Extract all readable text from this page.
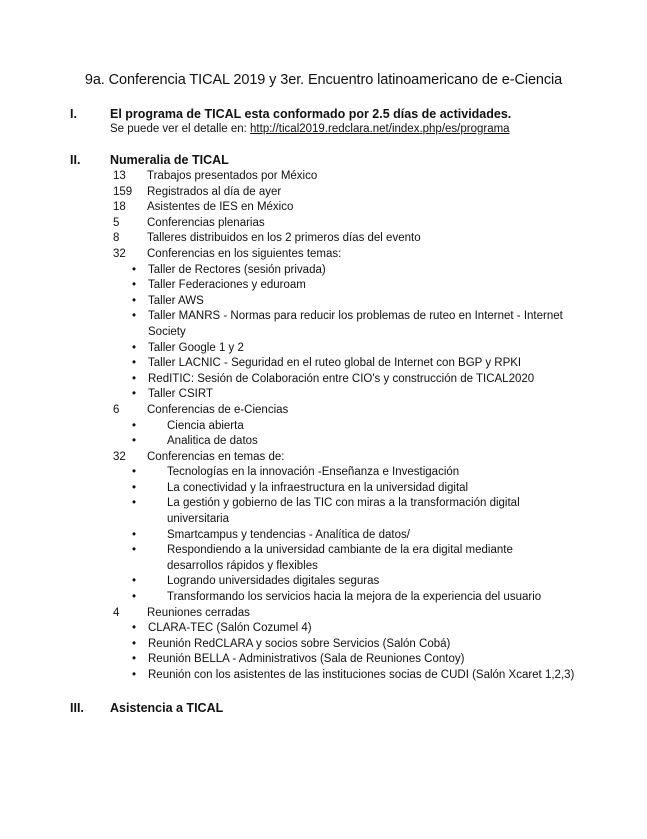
9a. Conferencia TICAL 2019 y 3er. Encuentro latinoamericano de e-Ciencia
I.	El programa de TICAL esta conformado por 2.5 días de actividades.
Se puede ver el detalle en: http://tical2019.redclara.net/index.php/es/programa
II. Numeralia de TICAL
13	Trabajos presentados por México
159	Registrados al día de ayer
18	Asistentes de IES en México
5	Conferencias plenarias
8	Talleres distribuidos en los 2 primeros días del evento
32	Conferencias en los siguientes temas:
• Taller de Rectores (sesión privada)
• Taller Federaciones y eduroam
• Taller AWS
• Taller MANRS - Normas para reducir los problemas de ruteo en Internet - Internet Society
• Taller Google 1 y 2
• Taller LACNIC - Seguridad en el ruteo global de Internet con BGP y RPKI
• RedITIC: Sesión de Colaboración entre CIO's y construcción de TICAL2020
• Taller CSIRT
6	Conferencias de e-Ciencias
•	Ciencia abierta
•	Analitica de datos
32	Conferencias en temas de:
•	Tecnologías en la innovación -Enseñanza e Investigación
•	La conectividad y la infraestructura en la universidad digital
•	La gestión y gobierno de las TIC con miras a la transformación digital universitaria
•	Smartcampus y tendencias - Analítica de datos/
•	Respondiendo a la universidad cambiante de la era digital mediante desarrollos rápidos y flexibles
•	Logrando universidades digitales seguras
•	Transformando los servicios hacia la mejora de la experiencia del usuario
4	Reuniones cerradas
• CLARA-TEC (Salón Cozumel 4)
• Reunión RedCLARA y socios sobre Servicios (Salón Cobá)
• Reunión BELLA - Administrativos (Sala de Reuniones Contoy)
• Reunión con los asistentes de las instituciones socias de CUDI (Salón Xcaret 1,2,3)
III. Asistencia a TICAL
